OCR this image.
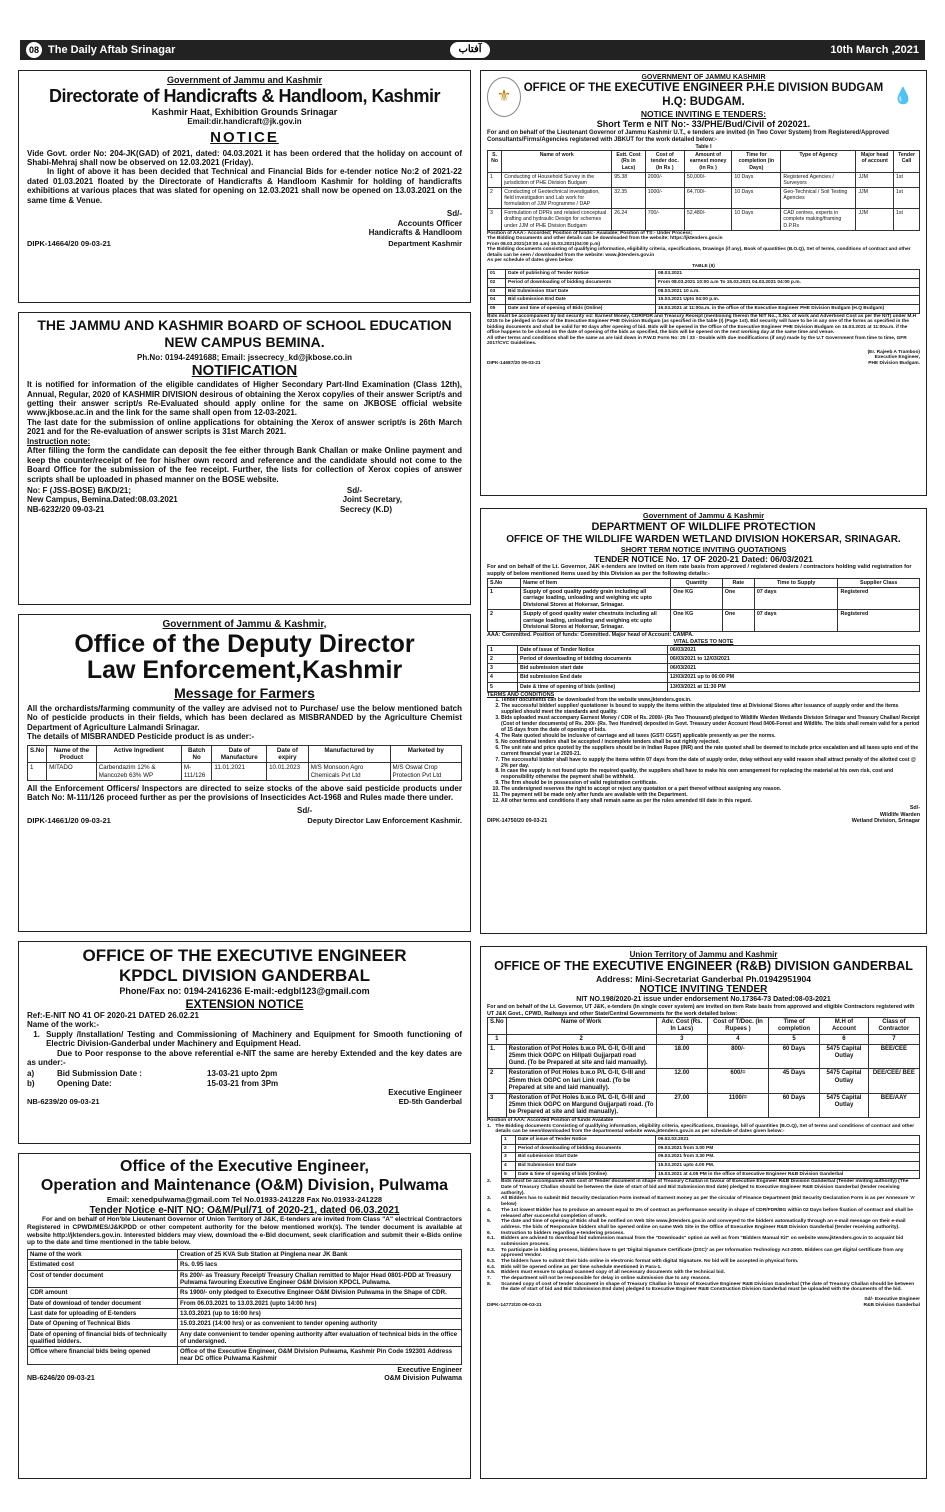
08 The Daily Aftab Srinagar	آفتاب	10th March ,2021
Government of Jammu and Kashmir
Directorate of Handicrafts & Handloom, Kashmir
Kashmir Haat, Exhibition Grounds Srinagar
Email:dir.handicraft@jk.gov.in
NOTICE
Vide Govt. order No: 204-JK(GAD) of 2021, dated: 04.03.2021 it has been ordered that the holiday on account of Shabi-Mehraj shall now be observed on 12.03.2021 (Friday).
In light of above it has been decided that Technical and Financial Bids for e-tender notice No:2 of 2021-22 dated 01.03.2021 floated by the Directorate of Handicrafts & Handloom Kashmir for holding of handicrafts exhibitions at various places that was slated for opening on 12.03.2021 shall now be opened on 13.03.2021 on the same time & Venue.
Sd/-
Accounts Officer
Handicrafts & Handloom
DIPK-14664/20 09-03-21	Department Kashmir
THE JAMMU AND KASHMIR BOARD OF SCHOOL EDUCATION
NEW CAMPUS BEMINA.
Ph.No: 0194-2491688; Email: jssecrecy_kd@jkbose.co.in
NOTIFICATION
It is notified for information of the eligible candidates of Higher Secondary Part-IInd Examination (Class 12th), Annual, Regular, 2020 of KASHMIR DIVISION desirous of obtaining the Xerox copy/ies of their answer Script/s and getting their answer script/s Re-Evaluated should apply online for the same on JKBOSE official website www.jkbose.ac.in and the link for the same shall open from 12-03-2021.
The last date for the submission of online applications for obtaining the Xerox of answer script/s is 26th March 2021 and for the Re-evaluation of answer scripts is 31st March 2021.
Instruction note:
After filling the form the candidate can deposit the fee either through Bank Challan or make Online payment and keep the counter/receipt of fee for his/her own record and reference and the candidate should not come to the Board Office for the submission of the fee receipt. Further, the lists for collection of Xerox copies of answer scripts shall be uploaded in phased manner on the BOSE website.
No: F (JSS-BOSE) B/KD/21;	Sd/-
New Campus, Bemina.Dated:08.03.2021	Joint Secretary,
NB-6232/20 09-03-21	Secrecy (K.D)
Government of Jammu & Kashmir,
Office of the Deputy Director
Law Enforcement,Kashmir
Message for Farmers
All the orchardists/farming community of the valley are advised not to Purchase/ use the below mentioned batch No of pesticide products in their fields, which has been declared as MISBRANDED by the Agriculture Chemist Department of Agriculture Lalmandi Srinagar.
The details of MISBRANDED Pesticide product is as under:-
S.No	Name of the Product	Active Ingredient	Batch No	Date of Manufacture	Date of expiry	Manufactured by	Marketed by
1	MITADO	Carbendazim 12% & Mancozeb 63% WP	M-111/126	11.01.2021	10.01.2023	M/S Monsoon Agro Chemicals Pvt Ltd	M/S Oswal Crop Protection Pvt Ltd
All the Enforcement Officers/ Inspectors are directed to seize stocks of the above said pesticide products under Batch No: M-111/126 proceed further as per the provisions of Insecticides Act-1968 and Rules made there under.
Sd/-
DIPK-14661/20 09-03-21	Deputy Director Law Enforcement Kashmir.
OFFICE OF THE EXECUTIVE ENGINEER
KPDCL DIVISION GANDERBAL
Phone/Fax no: 0194-2416236 E-mail:-edgbl123@gmail.com
EXTENSION NOTICE
Ref:-E-NIT NO 41 OF 2020-21 DATED 26.02.21
Name of the work:-
1. Supply /Installation/ Testing and Commissioning of Machinery and Equipment for Smooth functioning of Electric Division-Ganderbal under Machinery and Equipment Head.
Due to Poor response to the above referential e-NIT the same are hereby Extended and the key dates are as under:-
a)	Bid Submission Date :	13-03-21 upto 2pm
b)	Opening Date:	15-03-21 from 3Pm
Executive Engineer
NB-6239/20 09-03-21	ED-5th Ganderbal
Office of the Executive Engineer,
Operation and Maintenance (O&M) Division, Pulwama
Email: xenedpulwama@gmail.com Tel No.01933-241228 Fax No.01933-241228
Tender Notice e-NIT NO: O&M/Pul/71 of 2020-21, dated 06.03.2021
For and on behalf of Hon'ble Lieutenant Governor of Union Territory of J&K, E-tenders are invited from Class "A" electrical Contractors Registered in CPWD/MES/J&KPDD or other competent authority for the below mentioned work(s). The tender document is available at website http://jktenders.gov.in. Interested bidders may view, download the e-Bid document, seek clarification and submit their e-Bids online up to the date and time mentioned in the table below.
Name of the work	Creation of 25 KVA Sub Station at Pinglena near JK Bank
Estimated cost	Rs. 0.95 lacs
Cost of tender document	Rs 200/- as Treasury Receipt/ Treasury Challan remitted to Major Head 0801-PDD at Treasury Pulwama favouring Executive Engineer O&M Division KPDCL Pulwama.
CDR amount	Rs 1900/- only pledged to Executive Engineer O&M Division Pulwama in the Shape of CDR.
Date of download of tender document	From 06.03.2021 to 13.03.2021 (upto 14:00 hrs)
Last date for uploading of E-tenders	13.03.2021 (up to 16:00 hrs)
Date of Opening of Technical Bids	15.03.2021 (14:00 hrs) or as convenient to tender opening authority
Date of opening of financial bids of technically qualified bidders.	Any date convenient to tender opening authority after evaluation of technical bids in the office of undersigned.
Office where financial bids being opened	Office of the Executive Engineer, O&M Division Pulwama, Kashmir Pin Code 192301 Address near DC office Pulwama Kashmir
Executive Engineer
NB-6246/20 09-03-21	O&M Division Pulwama
⚜	💧
GOVERNMENT OF JAMMU KASHMIR
OFFICE OF THE EXECUTIVE ENGINEER P.H.E DIVISION BUDGAM
H.Q: BUDGAM.
NOTICE INVITING E TENDERS:
Short Term e NIT No:- 33/PHE/Bud/Civil of 202021.
For and on behalf of the Lieutenant Governor of Jammu Kashmir U.T., e tenders are invited (in Two Cover System) from Registered/Approved Consultants/Firms/Agencies registered with JBKUT for the work detailed below:-
Table I
S. No	Name of work	Estt. Cost (Rs in Lacs)	Cost of tender doc. (In Rs )	Amount of earnest money (in Rs )	Time for completion (in Days)	Type of Agency	Major head of account	Tender Call
1	Conducting of Household Survey in the jurisdiction of PHE Division Budgam	95.38	2000/-	50,000/-	10 Days	Registered Agencies / Surveyors	JJM	1st
2	Conducting of Geotechnical investigation, field investigation and Lab work for formulation of JJM Programme / DAP	32.35	1000/-	64,700/-	10 Days	Geo-Technical / Soil Testing Agencies	JJM	1st
3	Formulation of DPRs and related conceptual drafting and hydraulic Design for schemes under JJM of PHE Division Budgam	26.24	700/-	52,480/-	10 Days	CAD centres, experts in complete making/framing D.P.Rs	JJM	1st
Position of AAA:- Accorded; Position of funds:- Available; Position of TS:- Under Process;
The Bidding Documents and other details can be downloaded from the website: https://jktenders.gov.in
From 08.03.2021(10:00 a.m) 15.03.2021(04:00 p.m)
The Bidding documents consisting of qualifying information, eligibility criteria, specifications, Drawings (if any), Book of quantities (B.O.Q), Set of terms, conditions of contract and other details can be seen / downloaded from the website: www.jktenders.gov.in
As per schedule of dates given below
TABLE (II)
01	Date of publishing of Tender Notice	08.03.2021
02	Period of downloading of bidding documents	From 08.03.2021 10:00 a.m To 15.03.2021 04.03.2021 04:00 p.m.
03	Bid Submission Start Date	08.03.2021 10 a.m.
04	Bid submission End Date	15.03.2021 Upto 04:00 p.m.
05	Date and time of opening of Bids (Online)	16.03.2021 at 11:00a.m. in the office of the Executive Engineer PHE Division Budgam (H.Q Budgam)
Bids must be accompanied by bid security viz: Earnest Money, CDR/FDR and Treasury Receipt (mentioning therein the NIT No., S.No. of work and Advertised Cost as per the NIT) under M.H 0215 to be pledged in favor of the Executive Engineer PHE Division Budgam (as specified in the table (I) (Page 1st). Bid security will have to be in any one of the forms as specified in the bidding documents and shall be valid for 90 days after opening of bid. Bids will be opened in the Office of the Executive Engineer PHE Division Budgam on 16.03.2021 at 11:00a.m. if the office happens to be closed on the date of opening of the bids as specified, the bids will be opened on the next working day at the same time and venue.
All other terms and conditions shall be the same as are laid down in P.W.D Form No: 25 / 33 - Double with due modifications (if any) made by the U.T Government from time to time, GFR 2017/CVC Guidelines.
(Er. Rajeeb A Tramboo)
Executive Engineer,
DIPK-14687/20 09-03-21	PHE Division Budgam.
Government of Jammu & Kashmir
DEPARTMENT OF WILDLIFE PROTECTION
OFFICE OF THE WILDLIFE WARDEN WETLAND DIVISION HOKERSAR, SRINAGAR.
SHORT TERM NOTICE INVITING QUOTATIONS
TENDER NOTICE No. 17 OF 2020-21 Dated: 06/03/2021
For and on behalf of the Lt. Governor, J&K e-tenders are invited on item rate basis from approved / registered dealers / contractors holding valid registration for supply of below mentioned items used by this Division as per the following details:-
S.No	Name of Item	Quantity	Rate	Time to Supply	Supplier Class
1	Supply of good quality paddy grain including all carriage loading, unloading and weighing etc upto Divisional Stores at Hokersar, Srinagar.	One KG	One	07 days	Registered
2	Supply of good quality water chestnuts including all carriage loading, unloading and weighing etc upto Divisional Stores at Hokersar, Srinagar.	One KG	One	07 days	Registered
AAA: Committed. Position of funds: Committed. Major head of Account: CAMPA.
VITAL DATES TO NOTE
1	Date of issue of Tender Notice	06/03/2021
2	Period of downloading of bidding documents	06/03/2021 to 12/03/2021
3	Bid submission start date	06/03/2021
4	Bid submission End date	12/03/2021 up to 06:00 PM
5	Date & time of opening of bids (online)	13/03/2021 at 11:30 PM
TERMS AND CONDITIONS
1. Tender documents can be downloaded from the website www.jktenders.gov.in.
2. The successful bidder/ supplier/ quotationer is bound to supply the items within the stipulated time at Divisional Stores after issuance of supply order and the items supplied should meet the standards and quality.
3. Bids uploaded must accompany Earnest Money / CDR of Rs. 2000/- (Rs Two Thousand) pledged to Wildlife Warden Wetlands Division Srinagar and Treasury Challan/ Receipt (Cost of tender documents) of Rs. 200/- (Rs. Two Hundred) deposited in Govt. Treasury under Account Head 0406-Forest and Wildlife. The bids shall remain valid for a period of 15 days from the date of opening of bids.
4. The Rate quoted should be inclusive of carriage and all taxes (GST/ CGST) applicable presently as per the norms.
5. No conditional tenders shall be accepted / incomplete tenders shall be out rightly rejected.
6. The unit rate and price quoted by the suppliers should be in Indian Rupee (INR) and the rate quoted shall be deemed to include price escalation and all taxes upto end of the current financial year i.e 2020-21.
7. The successful bidder shall have to supply the items within 07 days from the date of supply order, delay without any valid reason shall attract penalty of the allotted cost @ 2% per day.
8. In case the supply is not found upto the required quality, the suppliers shall have to make his own arrangement for replacing the material at his own risk, cost and responsibility otherwise the payment shall be withheld.
9. The firm should be in possession of valid registration certificate.
10. The undersigned reserves the right to accept or reject any quotation or a part thereof without assigning any reason.
11. The payment will be made only after funds are available with the Department.
12. All other terms and conditions if any shall remain same as per the rules amended till date in this regard.
Sd/-
Wildlife Warden
DIPK-14750/20 09-03-21	Wetland Division, Srinagar
Union Territory of Jammu and Kashmir
OFFICE OF THE EXECUTIVE ENGINEER (R&B) DIVISION GANDERBAL
Address: Mini-Secretariat Ganderbal Ph.01942951904
NOTICE INVITING TENDER
NIT NO.198/2020-21 issue under endorsement No.17364-73 Dated:08-03-2021
For and on behalf of the Lt. Governor, UT J&K, e-tenders (In single cover system) are invited on item Rate basis from approved and eligible Contractors registered with UT J&K Govt., CPWD, Railways and other State/Central Governments for the work detailed below:
S.No	Name of Work	Adv. Cost (Rs. In Lacs)	Cost of T/Doc. (In Rupees )	Time of completion	M.H of Account	Class of Contractor
1	2	3	4	5	6	7
1.	Restoration of Pot Holes b.w.o P/L G-II, G-III and 25mm thick OGPC on Hillpati Gujjarpati road Gund. (To be Prepared at site and laid manually).	18.00	800/-	60 Days	5475 Capital Outlay	BEE/CEE
2	Restoration of Pot Holes b.w.o P/L G-II, G-III and 25mm thick OGPC on Iari Link road. (To be Prepared at site and laid manually).	12.00	600/=	45 Days	5475 Capital Outlay	DEE/CEE/ BEE
3	Restoration of Pot Holes b.w.o P/L G-II, G-III and 25mm thick OGPC on Margund Gujjarpati road. (To be Prepared at site and laid manually).	27.00	1100/=	60 Days	5475 Capital Outlay	BEE/AAY
Position of AAA: Accorded Position of funds Available
1. The Bidding documents Consisting of qualifying information, eligibility criteria, specifications, Drawings, bill of quantities (B.O.Q), Set of terms and conditions of contract and other details can be seen/downloaded from the departmental website www.jktenders.gov.in as per schedule of dates given below:-
1	Date of issue of Tender Notice	09.02.03.2021
2	Period of downloading of bidding documents	09.03.2021 from 3.00 PM
3	Bid submission Start Date	09.03.2021 from 3.30 PM.
4	Bid Submission End Date	15.03.2021 upto 4.00 PM.
5	Date & time of opening of bids (Online)	15.03.2021 at 4.05 PM in the office of Executive Engineer R&B Division Ganderbal
2.	Bids must be accompanied with cost of Tender document in shape of Treasury Challan in favour of Executive Engineer R&B Division Ganderbal (Tender inviting authority) (The Date of Treasury Challan should be between the date of start of bid and Bid Submission End date) pledged to Executive Engineer R&B Division Ganderbal (tender receiving authority).
3.	All Bidders has to submit Bid Security Declaration Form instead of Earnest money as per the circular of Finance Department (Bid Security Declaration Form is as per Annexure 'A' below)
4.	The 1st lowest Bidder has to produce an amount equal to 3% of contract as performance security in shape of CDR/FDR/BG within 02 Days before fixation of contract and shall be released after successful completion of work.
5.	The date and time of opening of Bids shall be notified on Web Site www.jktenders.gov.in and conveyed to the bidders automatically through an e-mail message on their e-mail address. The bids of Responsive bidders shall be opened online on same Web Site in the Office of Executive Engineer R&B Division Ganderbal (tender receiving authority).
6.	Instruction to bidders regarding e-tendering process.
6.1.	Bidders are advised to download bid submission manual from the "Downloads" option as well as from "Bidders Manual Kit" on website www.jktenders.gov.in to acquaint bid submission process.
6.2.	To participate in bidding process, bidders have to get 'Digital Signature Certificate (DSC)' as per Information Technology Act-2000. Bidders can get digital certificate from any approved Vendor.
6.3.	The bidders have to submit their bids online in electronic format with digital Signature. No bid will be accepted in physical form.
6.4.	Bids will be opened online as per time schedule mentioned in Para-1.
6.5.	Bidders must ensure to upload scanned copy of all necessary documents with the technical bid.
7.	The department will not be responsible for delay in online submission due to any reasons.
8.	Scanned copy of cost of tender document in shape of Treasury Challan in favour of Executive Engineer R&B Division Ganderbal (The date of Treasury Challan should be between the date of start of bid and Bid Submission End date) pledged to Executive Engineer R&B Construction Division Ganderbal must be uploaded with the documents of the bid.
Sd/- Executive Engineer
DIPK-14772/20 09-03-21	R&B Division Ganderbal
